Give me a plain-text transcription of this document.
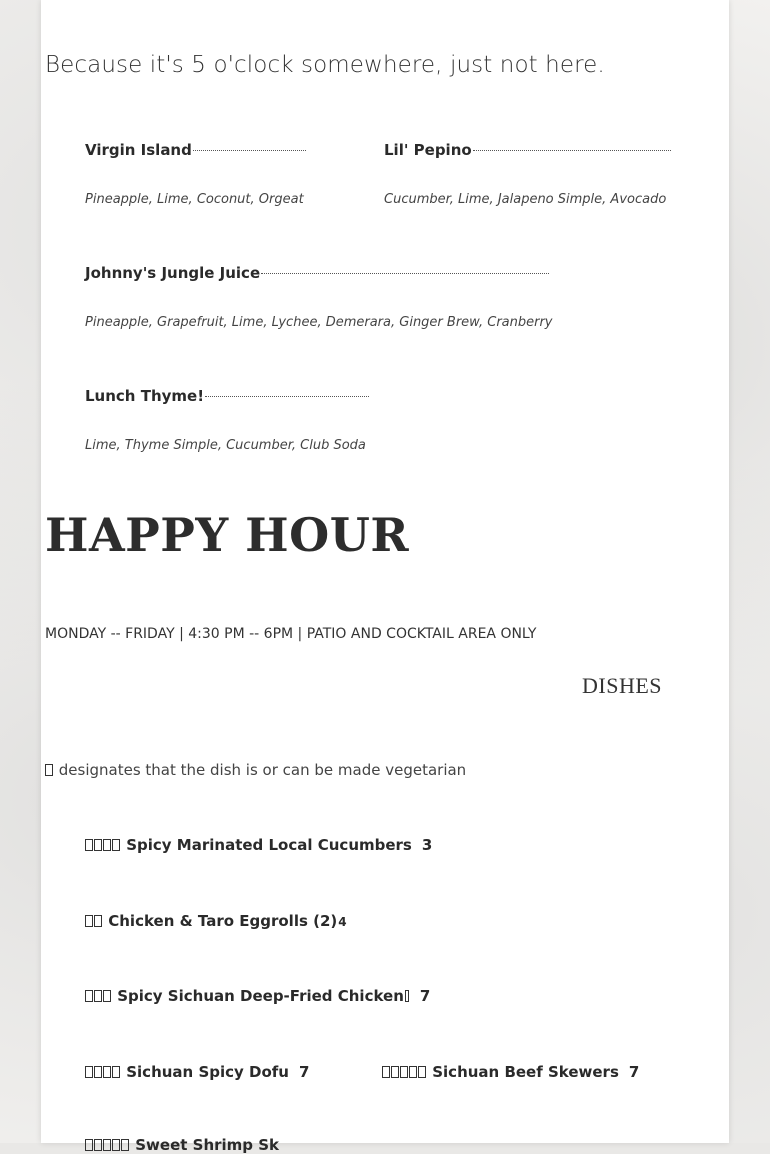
Because it's 5 o'clock somewhere, just not here.
Virgin Island
Pineapple, Lime, Coconut, Orgeat
Lil' Pepino
Cucumber, Lime, Jalapeno Simple, Avocado
Johnny's Jungle Juice
Pineapple, Grapefruit, Lime, Lychee, Demerara, Ginger Brew, Cranberry
Lunch Thyme!
Lime, Thyme Simple, Cucumber, Club Soda
HAPPY HOUR
MONDAY -- FRIDAY | 4:30 PM -- 6PM | PATIO AND COCKTAIL AREA ONLY
DISHES
designates that the dish is or can be made vegetarian
Spicy Marinated Local Cucumbers 3
Chicken & Taro Eggrolls (2)4
Spicy Sichuan Deep-Fried Chicken 7
Sichuan Spicy Dofu 7	Sichuan Beef Skewers 7
Sweet Shrimp Sk
